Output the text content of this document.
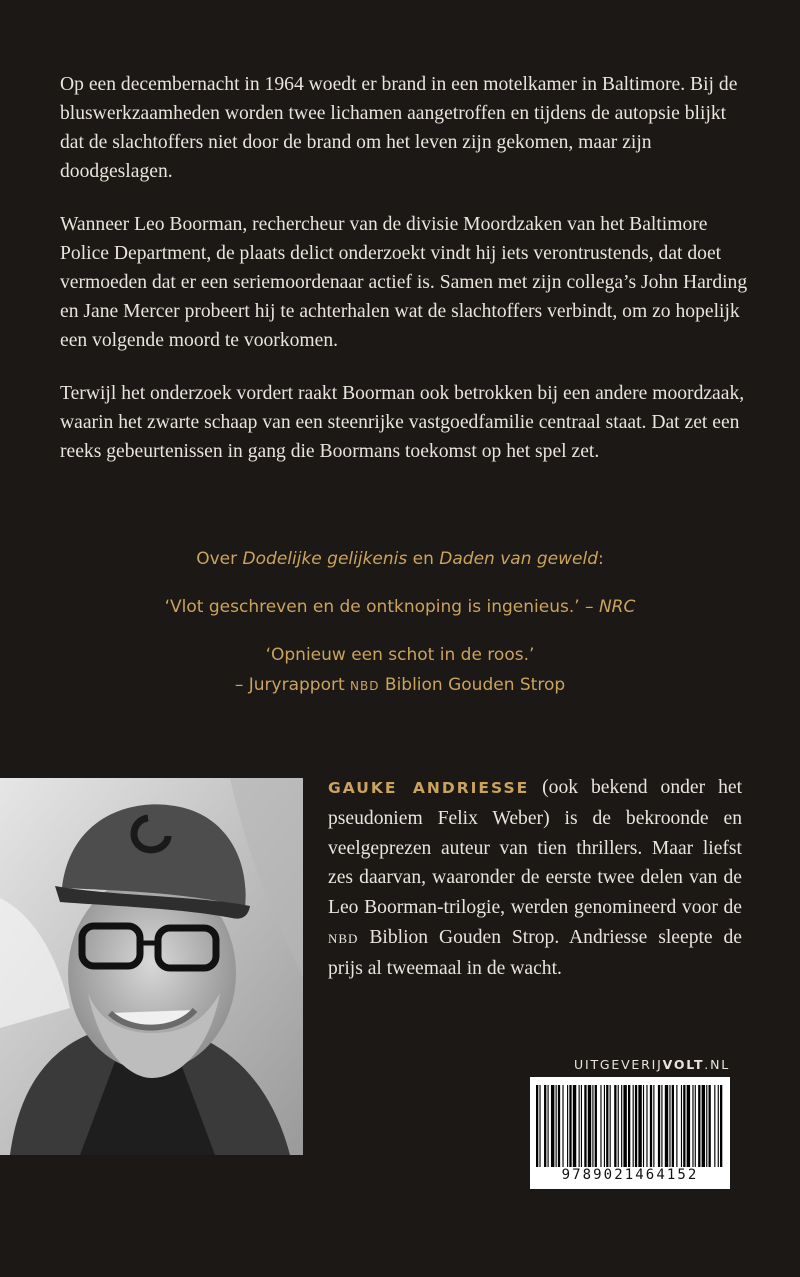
Op een decembernacht in 1964 woedt er brand in een motelkamer in Baltimore. Bij de bluswerkzaamheden worden twee lichamen aangetroffen en tijdens de autopsie blijkt dat de slachtoffers niet door de brand om het leven zijn gekomen, maar zijn doodgeslagen.

Wanneer Leo Boorman, rechercheur van de divisie Moordzaken van het Baltimore Police Department, de plaats delict onderzoekt vindt hij iets verontrustends, dat doet vermoeden dat er een seriemoordenaar actief is. Samen met zijn collega’s John Harding en Jane Mercer probeert hij te achterhalen wat de slachtoffers verbindt, om zo hopelijk een volgende moord te voorkomen.

Terwijl het onderzoek vordert raakt Boorman ook betrokken bij een andere moordzaak, waarin het zwarte schaap van een steenrijke vastgoedfamilie centraal staat. Dat zet een reeks gebeurtenissen in gang die Boormans toekomst op het spel zet.

Over Dodelijke gelijkenis en Daden van geweld:

‘Vlot geschreven en de ontknoping is ingenieus.’ – NRC

‘Opnieuw een schot in de roos.’
– Juryrapport NBD Biblion Gouden Strop

GAUKE ANDRIESSE (ook bekend onder het pseudoniem Felix Weber) is de bekroonde en veelgeprezen auteur van tien thrillers. Maar liefst zes daarvan, waaronder de eerste twee delen van de Leo Boorman-trilogie, werden genomineerd voor de NBD Biblion Gouden Strop. Andriesse sleepte de prijs al tweemaal in de wacht.
UITGEVERIJVOLT.NL
9789021464152
